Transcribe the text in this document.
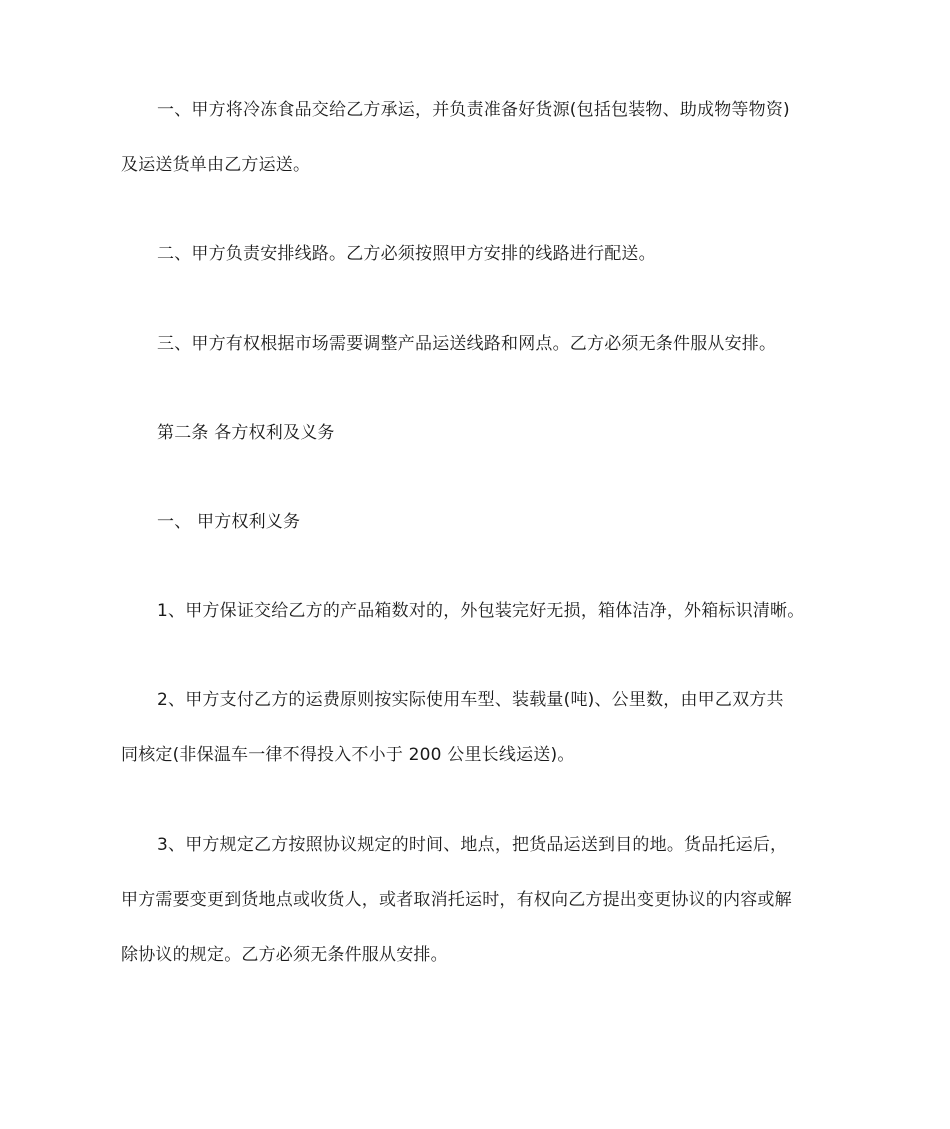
一、甲方将冷冻食品交给乙方承运，并负责准备好货源(包括包装物、助成物等物资)
及运送货单由乙方运送。
二、甲方负责安排线路。乙方必须按照甲方安排的线路进行配送。
三、甲方有权根据市场需要调整产品运送线路和网点。乙方必须无条件服从安排。
第二条 各方权利及义务
一、 甲方权利义务
1、甲方保证交给乙方的产品箱数对的，外包装完好无损，箱体洁净，外箱标识清晰。
2、甲方支付乙方的运费原则按实际使用车型、装载量(吨)、公里数，由甲乙双方共
同核定(非保温车一律不得投入不小于 200 公里长线运送)。
3、甲方规定乙方按照协议规定的时间、地点，把货品运送到目的地。货品托运后，
甲方需要变更到货地点或收货人，或者取消托运时，有权向乙方提出变更协议的内容或解
除协议的规定。乙方必须无条件服从安排。
